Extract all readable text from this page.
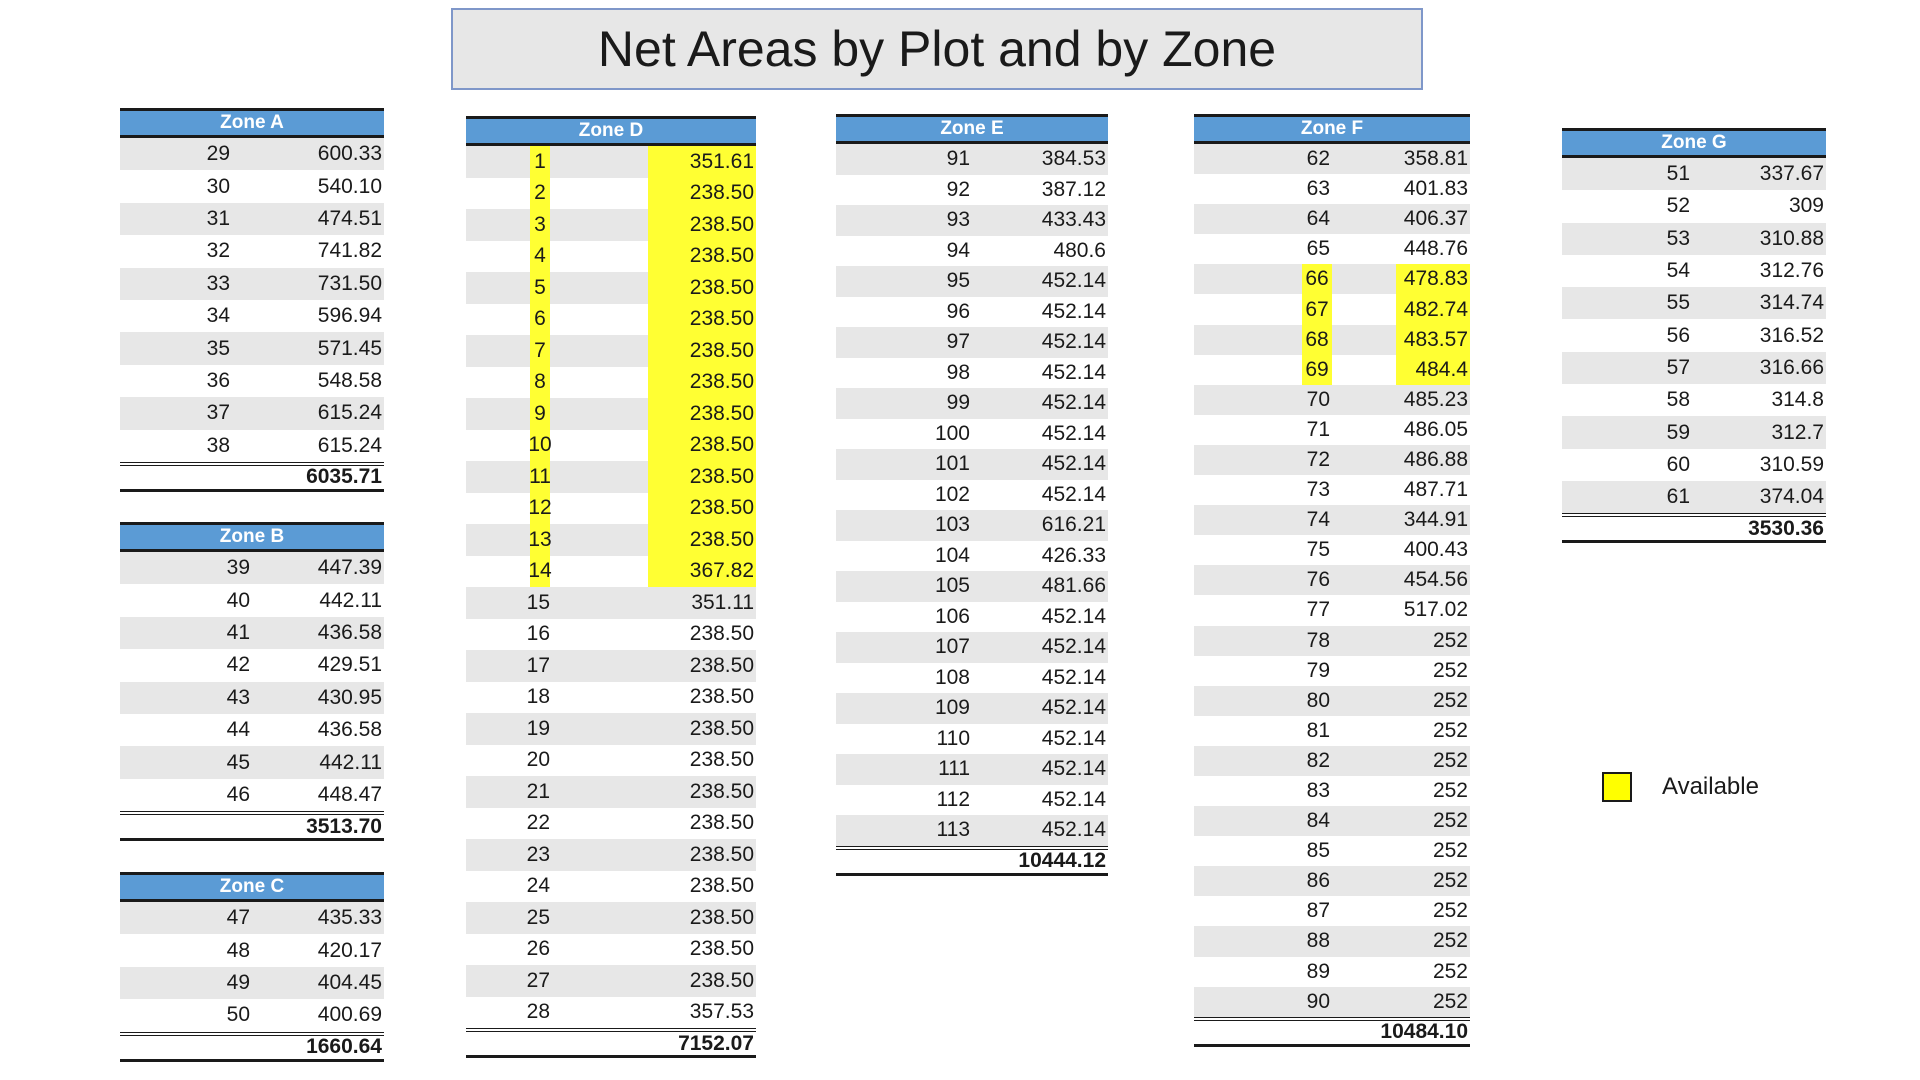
Net Areas by Plot and by Zone
Zone A
29	600.33
30	540.10
31	474.51
32	741.82
33	731.50
34	596.94
35	571.45
36	548.58
37	615.24
38	615.24
6035.71
Zone B
39	447.39
40	442.11
41	436.58
42	429.51
43	430.95
44	436.58
45	442.11
46	448.47
3513.70
Zone C
47	435.33
48	420.17
49	404.45
50	400.69
1660.64
Zone D
1	351.61
2	238.50
3	238.50
4	238.50
5	238.50
6	238.50
7	238.50
8	238.50
9	238.50
10	238.50
11	238.50
12	238.50
13	238.50
14	367.82
15	351.11
16	238.50
17	238.50
18	238.50
19	238.50
20	238.50
21	238.50
22	238.50
23	238.50
24	238.50
25	238.50
26	238.50
27	238.50
28	357.53
7152.07
Zone E
91	384.53
92	387.12
93	433.43
94	480.6
95	452.14
96	452.14
97	452.14
98	452.14
99	452.14
100	452.14
101	452.14
102	452.14
103	616.21
104	426.33
105	481.66
106	452.14
107	452.14
108	452.14
109	452.14
110	452.14
111	452.14
112	452.14
113	452.14
10444.12
Zone F
62	358.81
63	401.83
64	406.37
65	448.76
66	478.83
67	482.74
68	483.57
69	484.4
70	485.23
71	486.05
72	486.88
73	487.71
74	344.91
75	400.43
76	454.56
77	517.02
78	252
79	252
80	252
81	252
82	252
83	252
84	252
85	252
86	252
87	252
88	252
89	252
90	252
10484.10
Zone G
51	337.67
52	309
53	310.88
54	312.76
55	314.74
56	316.52
57	316.66
58	314.8
59	312.7
60	310.59
61	374.04
3530.36
Available
